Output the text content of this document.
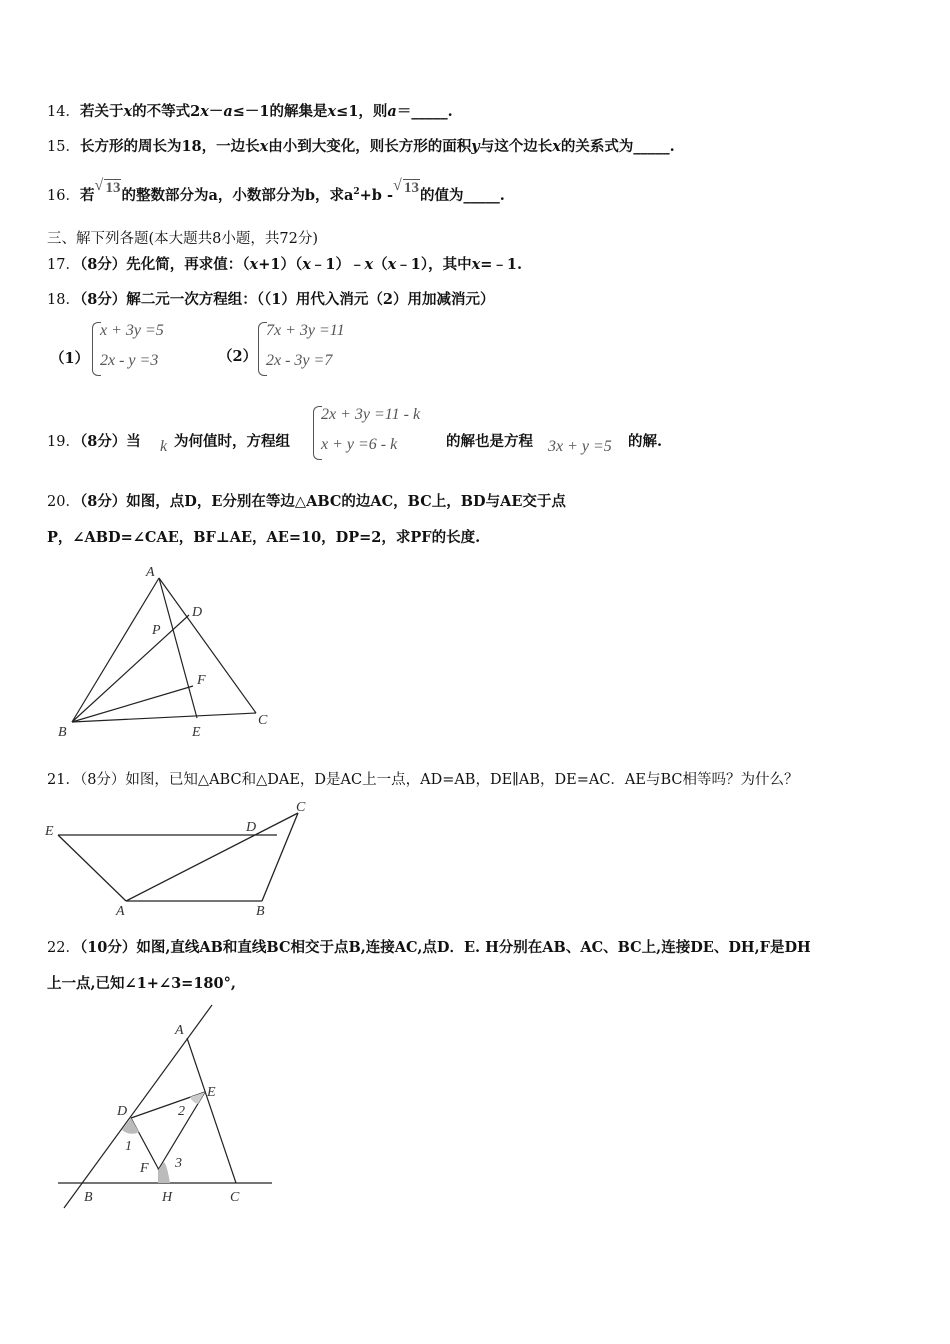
14．若关于x的不等式2x－a≤－1的解集是x≤1，则a＝_____.
15．长方形的周长为18，一边长x由小到大变化，则长方形的面积y与这个边长x的关系式为_____.
16．若
√ 13的整数部分为a，小数部分为b，求$a^2+b$ -
√ 13的值为_____.
三、解下列各题(本大题共8小题，共72分)
17．（8分）先化简，再求值：（x+1）（x﹣1）﹣x（x﹣1），其中x=﹣1.
18．（8分）解二元一次方程组：（（1）用代入消元（2）用加减消元）
（1）
x + 3y =5
2x - y =3	（2）
7x + 3y =11
2x - 3y =7
19．（8分）当 k 为何值时，方程组
2x + 3y =11 - k
x + y =6 - k	的解也是方程 3x + y =5 的解.
20．（8分）如图，点D，E分别在等边△ABC的边AC，BC上，BD与AE交于点
P，∠ABD=∠CAE，BF⊥AE，AE=10，DP=2，求PF的长度.
A
B
C
D
E
F
P
21．（8分）如图，已知△ABC和△DAE，D是AC上一点，AD=AB，DE∥AB，DE=AC．AE与BC相等吗？为什么？
E	D
C
A	B
22．（10分）如图,直线AB和直线BC相交于点B,连接AC,点D．E. H分别在AB、AC、BC上,连接DE、DH,F是DH
上一点,已知∠1+∠3=180°,
A
D
E
F
B	H	C
1
2
3
